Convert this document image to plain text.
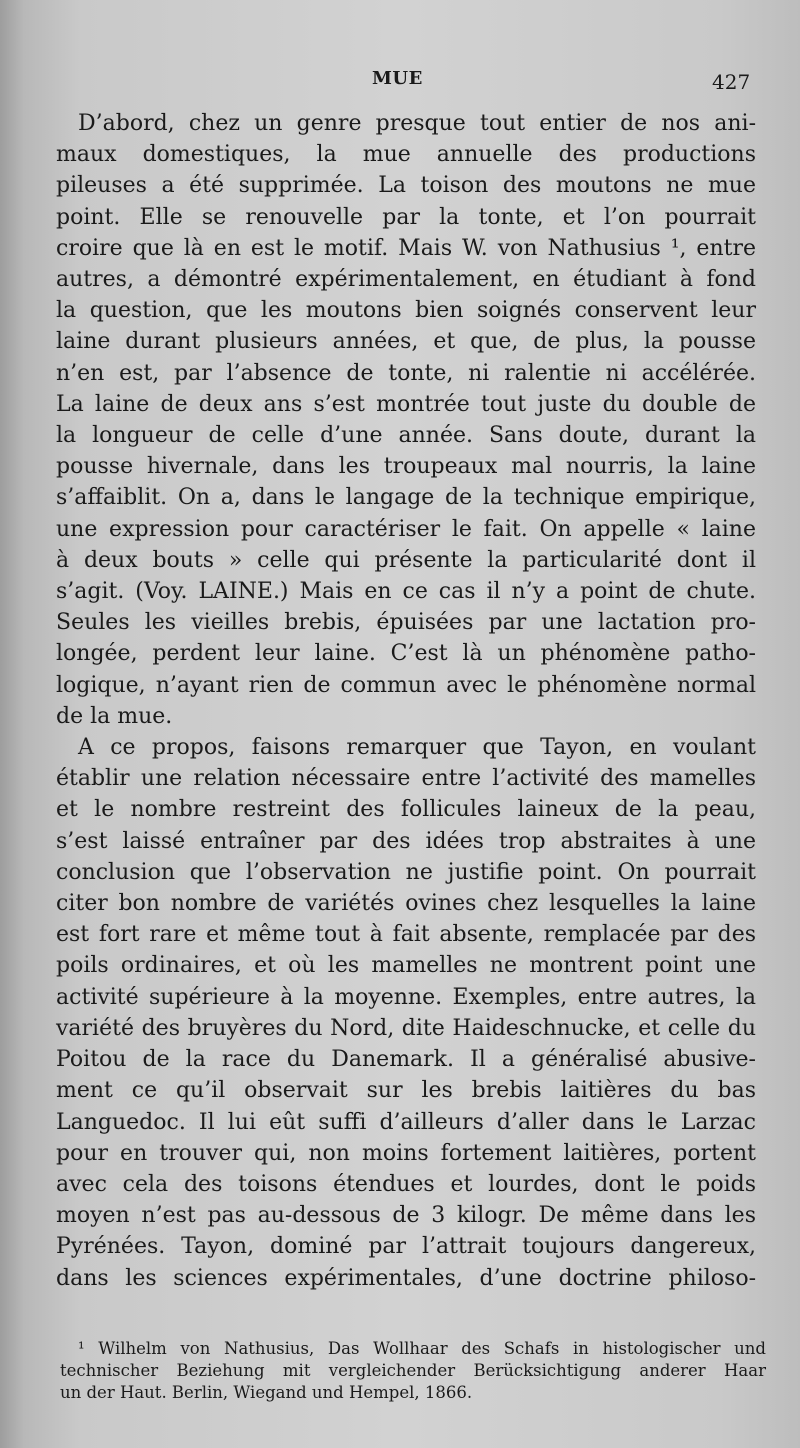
MUE	427
D’abord, chez un genre presque tout entier de nos ani-
maux domestiques, la mue annuelle des productions
pileuses a été supprimée. La toison des moutons ne mue
point. Elle se renouvelle par la tonte, et l’on pourrait
croire que là en est le motif. Mais W. von Nathusius ¹, entre
autres, a démontré expérimentalement, en étudiant à fond
la question, que les moutons bien soignés conservent leur
laine durant plusieurs années, et que, de plus, la pousse
n’en est, par l’absence de tonte, ni ralentie ni accélérée.
La laine de deux ans s’est montrée tout juste du double de
la longueur de celle d’une année. Sans doute, durant la
pousse hivernale, dans les troupeaux mal nourris, la laine
s’affaiblit. On a, dans le langage de la technique empirique,
une expression pour caractériser le fait. On appelle « laine
à deux bouts » celle qui présente la particularité dont il
s’agit. (Voy. LAINE.) Mais en ce cas il n’y a point de chute.
Seules les vieilles brebis, épuisées par une lactation pro-
longée, perdent leur laine. C’est là un phénomène patho-
logique, n’ayant rien de commun avec le phénomène normal
de la mue.
A ce propos, faisons remarquer que Tayon, en voulant
établir une relation nécessaire entre l’activité des mamelles
et le nombre restreint des follicules laineux de la peau,
s’est laissé entraîner par des idées trop abstraites à une
conclusion que l’observation ne justifie point. On pourrait
citer bon nombre de variétés ovines chez lesquelles la laine
est fort rare et même tout à fait absente, remplacée par des
poils ordinaires, et où les mamelles ne montrent point une
activité supérieure à la moyenne. Exemples, entre autres, la
variété des bruyères du Nord, dite Haideschnucke, et celle du
Poitou de la race du Danemark. Il a généralisé abusive-
ment ce qu’il observait sur les brebis laitières du bas
Languedoc. Il lui eût suffi d’ailleurs d’aller dans le Larzac
pour en trouver qui, non moins fortement laitières, portent
avec cela des toisons étendues et lourdes, dont le poids
moyen n’est pas au-dessous de 3 kilogr. De même dans les
Pyrénées. Tayon, dominé par l’attrait toujours dangereux,
dans les sciences expérimentales, d’une doctrine philoso-
¹ Wilhelm von Nathusius, Das Wollhaar des Schafs in histologischer und
technischer Beziehung mit vergleichender Berücksichtigung anderer Haar
un der Haut. Berlin, Wiegand und Hempel, 1866.
